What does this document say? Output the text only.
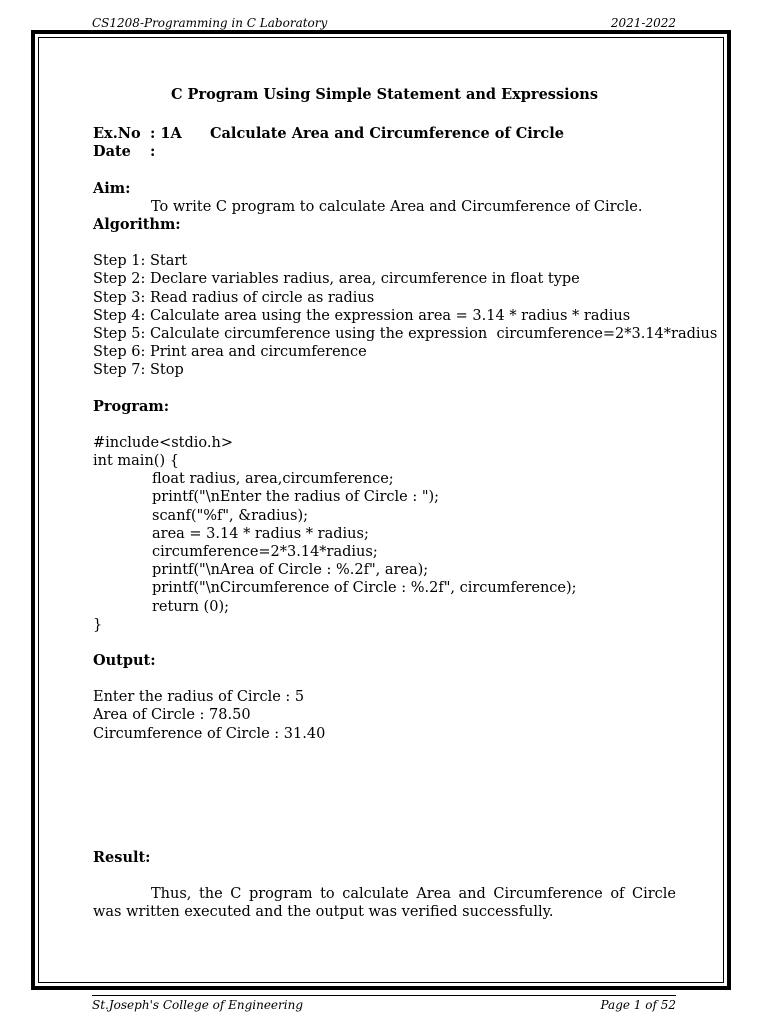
CS1208-Programming in C Laboratory	2021-2022
C Program Using Simple Statement and Expressions
Ex.No : 1A	Calculate Area and Circumference of Circle
Date	:
Aim:
To write C program to calculate Area and Circumference of Circle.
Algorithm:
Step 1: Start
Step 2: Declare variables radius, area, circumference in float type
Step 3: Read radius of circle as radius
Step 4: Calculate area using the expression area = 3.14 * radius * radius
Step 5: Calculate circumference using the expression  circumference=2*3.14*radius
Step 6: Print area and circumference
Step 7: Stop
Program:
#include<stdio.h>
int main() {
float radius, area,circumference;
printf("\nEnter the radius of Circle : ");
scanf("%f", &radius);
area = 3.14 * radius * radius;
circumference=2*3.14*radius;
printf("\nArea of Circle : %.2f", area);
printf("\nCircumference of Circle : %.2f", circumference);
return (0);
}
Output:
Enter the radius of Circle : 5
Area of Circle : 78.50
Circumference of Circle : 31.40
Result:
Thus, the C program to calculate Area and Circumference of Circle was written executed and the output was verified successfully.
St.Joseph's College of Engineering	Page 1 of 52
